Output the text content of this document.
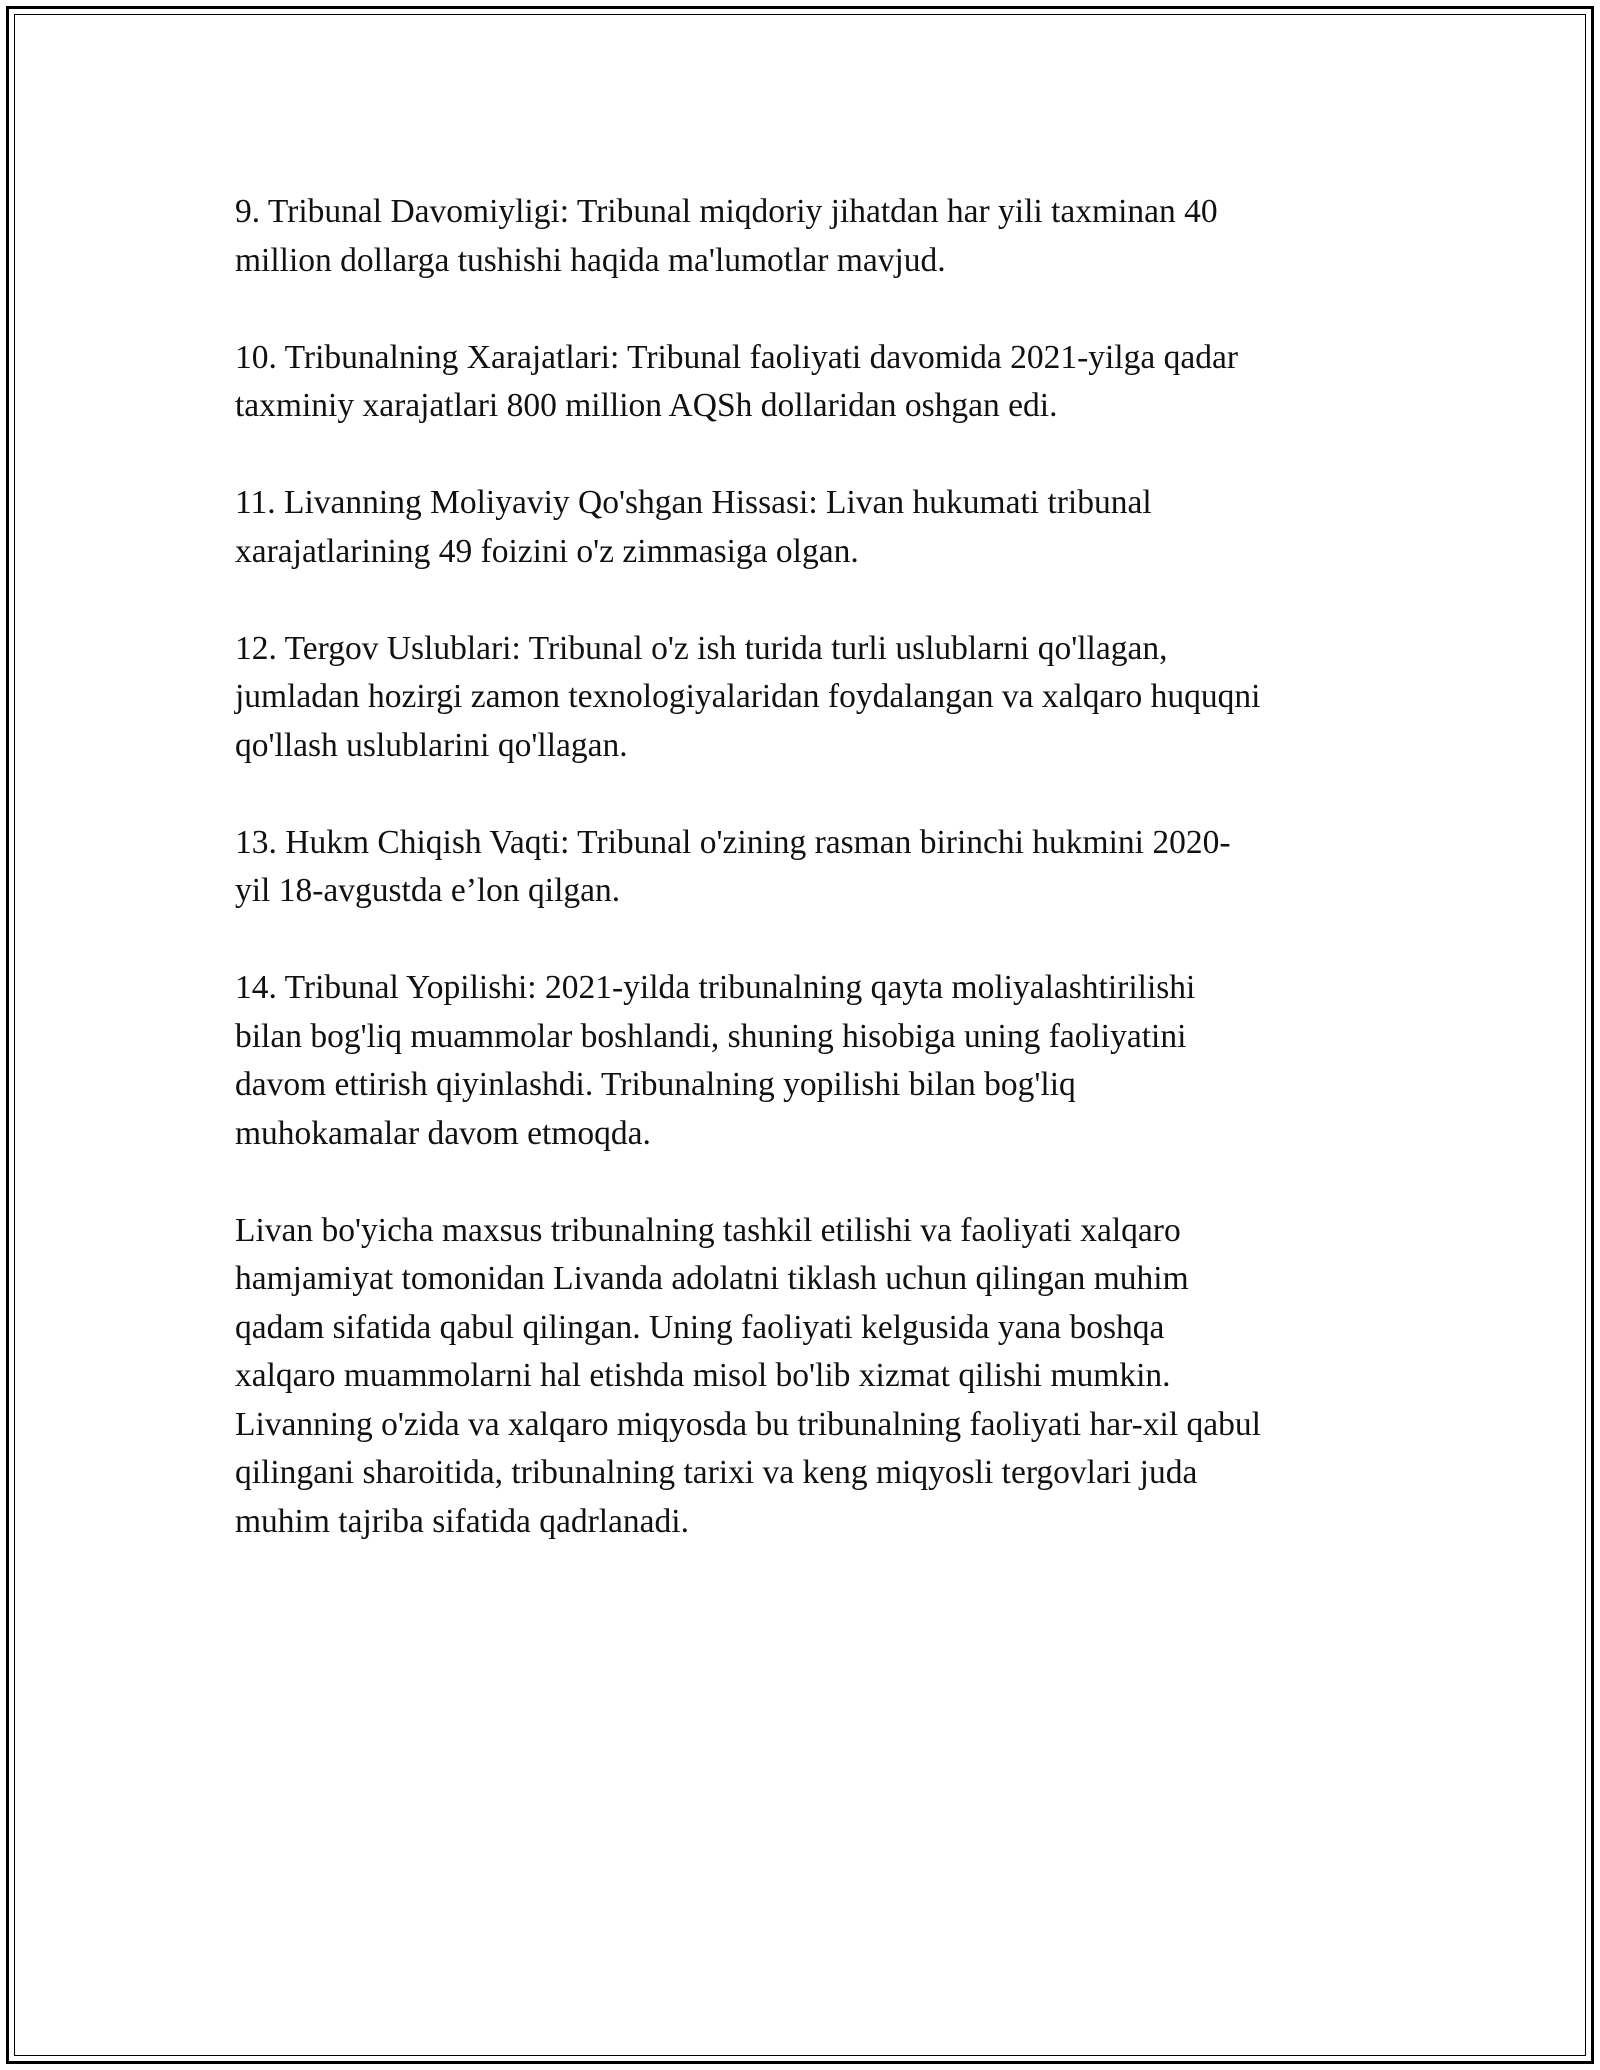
9. Tribunal Davomiyligi: Tribunal miqdoriy jihatdan har yili taxminan 40
million dollarga tushishi haqida ma'lumotlar mavjud.

10. Tribunalning Xarajatlari: Tribunal faoliyati davomida 2021-yilga qadar
taxminiy xarajatlari 800 million AQSh dollaridan oshgan edi.

11. Livanning Moliyaviy Qo'shgan Hissasi: Livan hukumati tribunal
xarajatlarining 49 foizini o'z zimmasiga olgan.

12. Tergov Uslublari: Tribunal o'z ish turida turli uslublarni qo'llagan,
jumladan hozirgi zamon texnologiyalaridan foydalangan va xalqaro huquqni
qo'llash uslublarini qo'llagan.

13. Hukm Chiqish Vaqti: Tribunal o'zining rasman birinchi hukmini 2020-
yil 18-avgustda e’lon qilgan.

14. Tribunal Yopilishi: 2021-yilda tribunalning qayta moliyalashtirilishi
bilan bog'liq muammolar boshlandi, shuning hisobiga uning faoliyatini
davom ettirish qiyinlashdi. Tribunalning yopilishi bilan bog'liq
muhokamalar davom etmoqda.

Livan bo'yicha maxsus tribunalning tashkil etilishi va faoliyati xalqaro
hamjamiyat tomonidan Livanda adolatni tiklash uchun qilingan muhim
qadam sifatida qabul qilingan. Uning faoliyati kelgusida yana boshqa
xalqaro muammolarni hal etishda misol bo'lib xizmat qilishi mumkin.
Livanning o'zida va xalqaro miqyosda bu tribunalning faoliyati har-xil qabul
qilingani sharoitida, tribunalning tarixi va keng miqyosli tergovlari juda
muhim tajriba sifatida qadrlanadi.
